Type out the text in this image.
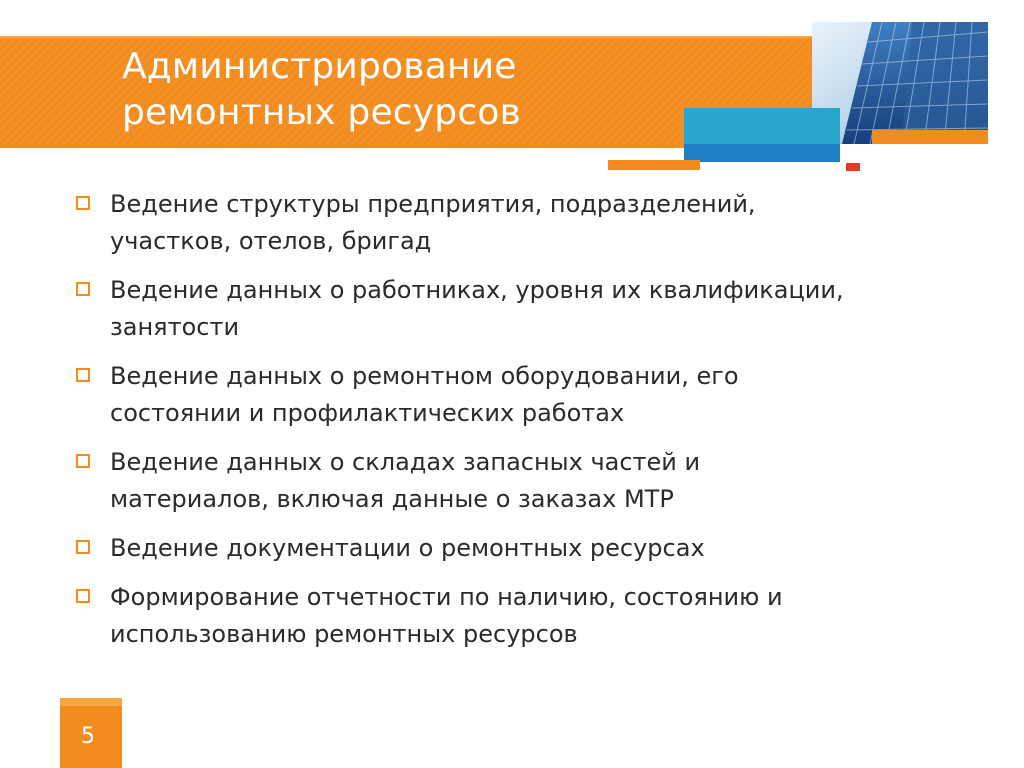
Администрирование
ремонтных ресурсов
Ведение структуры предприятия, подразделений,
участков, отелов, бригад
Ведение данных о работниках, уровня их квалификации,
занятости
Ведение данных о ремонтном оборудовании, его
состоянии и профилактических работах
Ведение данных о складах запасных частей и
материалов, включая данные о заказах МТР
Ведение документации о ремонтных ресурсах
Формирование отчетности по наличию, состоянию и
использованию ремонтных ресурсов
5
